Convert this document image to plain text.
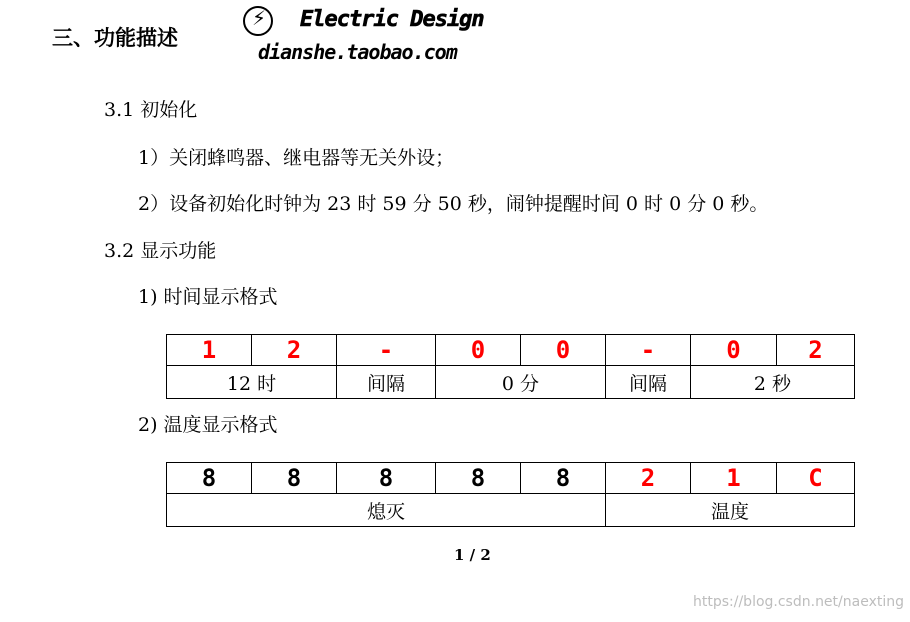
三、功能描述
⚡ Electric Design
dianshe.taobao.com
3.1 初始化
1）关闭蜂鸣器、继电器等无关外设；
2）设备初始化时钟为 23 时 59 分 50 秒，闹钟提醒时间 0 时 0 分 0 秒。
3.2 显示功能
1) 时间显示格式
1	2	-	0	0	-	0	2
12 时		间隔	0 分		间隔	2 秒	
2) 温度显示格式
8	8	8	8	8	2	1	C
熄灭					温度		
1 / 2
https://blog.csdn.net/naexting
